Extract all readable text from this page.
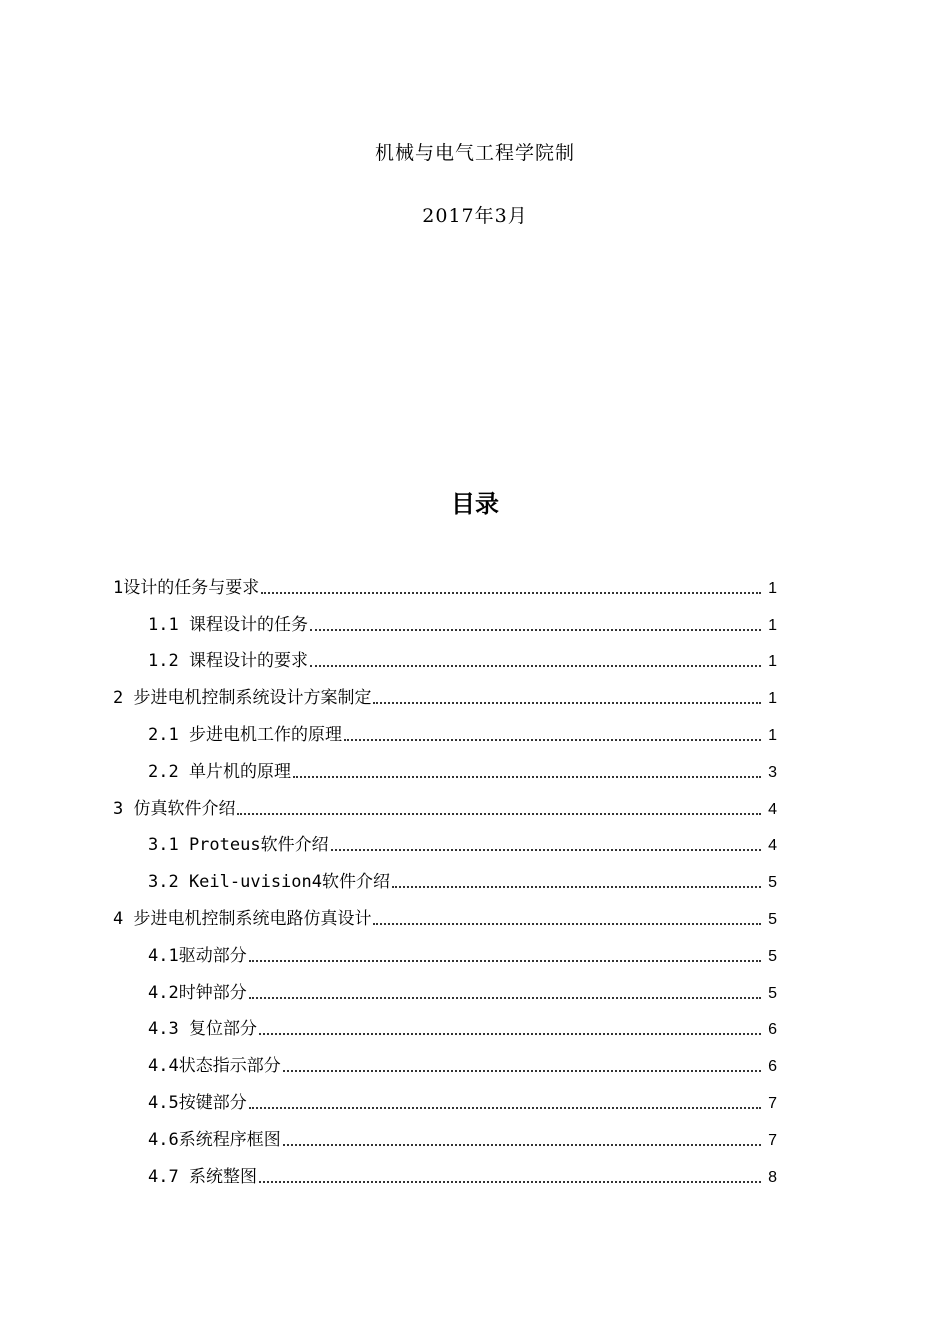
机械与电气工程学院制
2017年3月
目录
1设计的任务与要求	1
1.1 课程设计的任务	1
1.2 课程设计的要求	1
2 步进电机控制系统设计方案制定	1
2.1 步进电机工作的原理	1
2.2 单片机的原理	3
3 仿真软件介绍	4
3.1 Proteus软件介绍	4
3.2 Keil-uvision4软件介绍	5
4 步进电机控制系统电路仿真设计	5
4.1驱动部分	5
4.2时钟部分	5
4.3 复位部分	6
4.4状态指示部分	6
4.5按键部分	7
4.6系统程序框图	7
4.7 系统整图	8
